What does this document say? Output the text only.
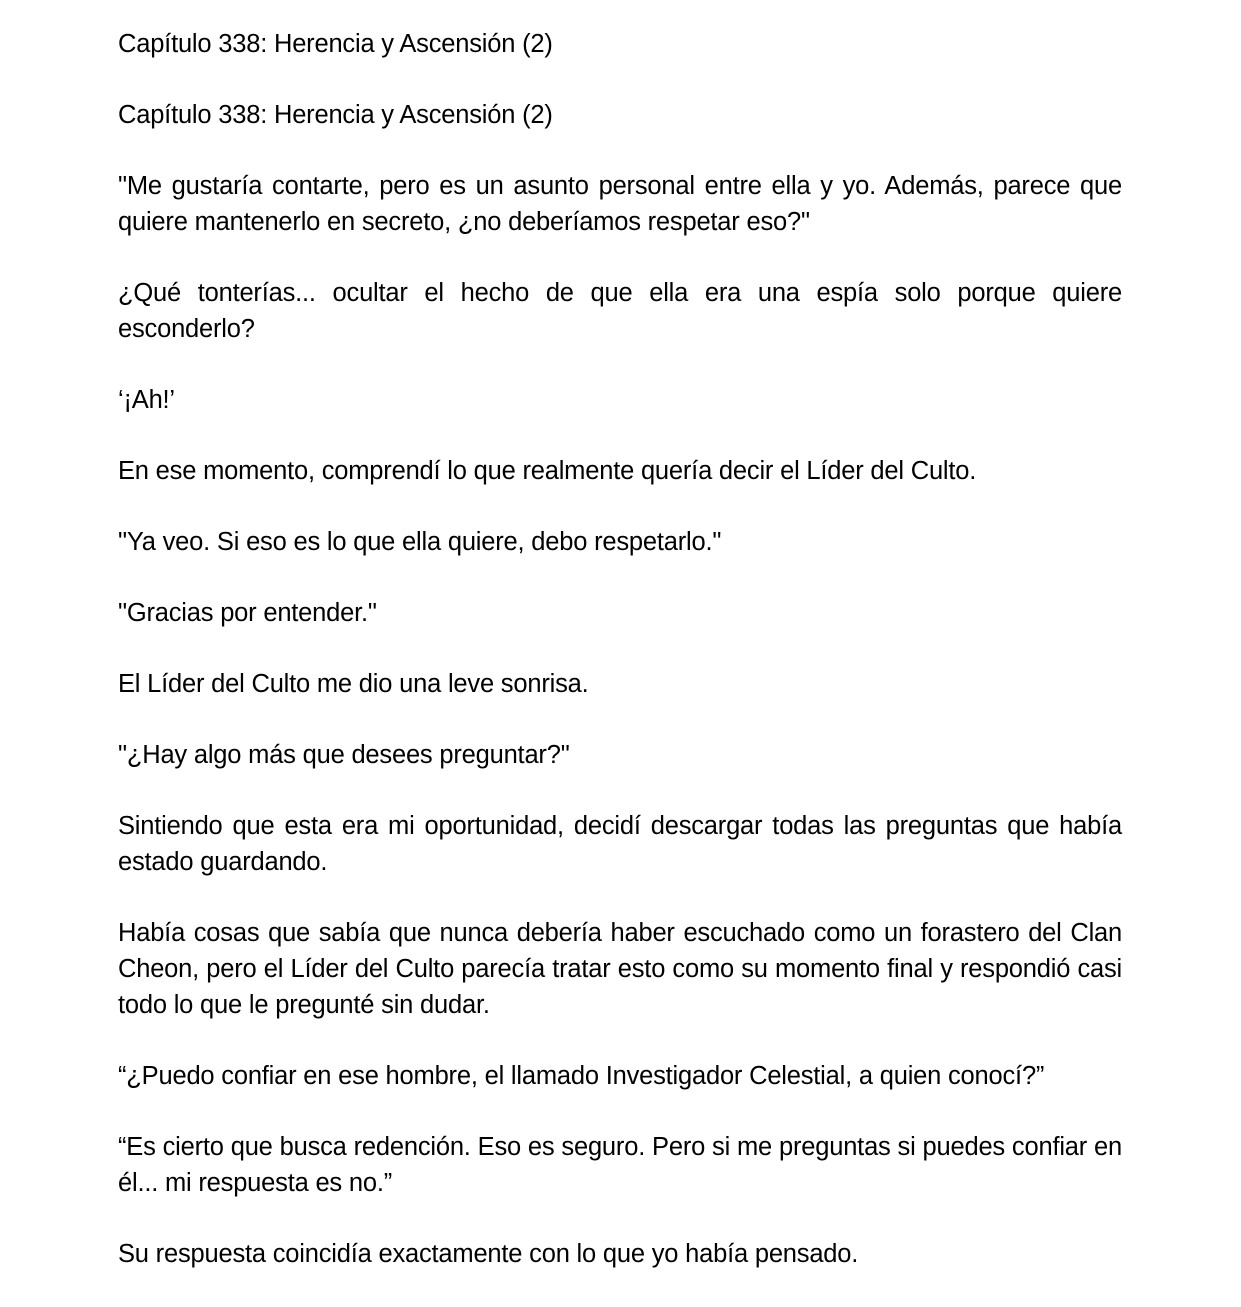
Capítulo 338: Herencia y Ascensión (2)

Capítulo 338: Herencia y Ascensión (2)

"Me gustaría contarte, pero es un asunto personal entre ella y yo. Además, parece que quiere mantenerlo en secreto, ¿no deberíamos respetar eso?"

¿Qué tonterías... ocultar el hecho de que ella era una espía solo porque quiere esconderlo?

‘¡Ah!’

En ese momento, comprendí lo que realmente quería decir el Líder del Culto.

"Ya veo. Si eso es lo que ella quiere, debo respetarlo."

"Gracias por entender."

El Líder del Culto me dio una leve sonrisa.

"¿Hay algo más que desees preguntar?"

Sintiendo que esta era mi oportunidad, decidí descargar todas las preguntas que había estado guardando.

Había cosas que sabía que nunca debería haber escuchado como un forastero del Clan Cheon, pero el Líder del Culto parecía tratar esto como su momento final y respondió casi todo lo que le pregunté sin dudar.

“¿Puedo confiar en ese hombre, el llamado Investigador Celestial, a quien conocí?”

“Es cierto que busca redención. Eso es seguro. Pero si me preguntas si puedes confiar en él... mi respuesta es no.”

Su respuesta coincidía exactamente con lo que yo había pensado.
